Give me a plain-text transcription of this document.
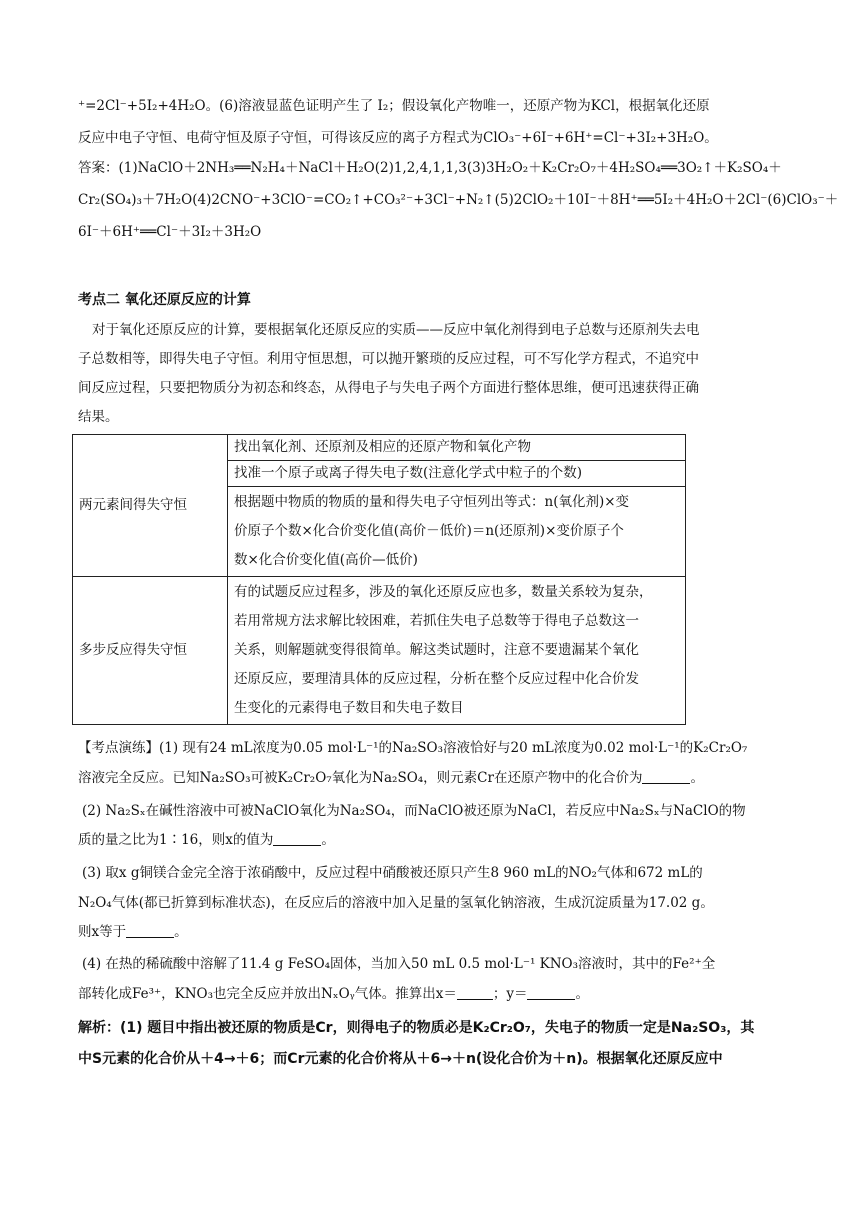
⁺=2Cl⁻+5I₂+4H₂O。(6)溶液显蓝色证明产生了 I₂；假设氧化产物唯一，还原产物为KCl，根据氧化还原
反应中电子守恒、电荷守恒及原子守恒，可得该反应的离子方程式为ClO₃⁻+6I⁻+6H⁺=Cl⁻+3I₂+3H₂O。
答案：(1)NaClO＋2NH₃══N₂H₄＋NaCl＋H₂O(2)1,2,4,1,1,3(3)3H₂O₂＋K₂Cr₂O₇＋4H₂SO₄══3O₂↑＋K₂SO₄＋
Cr₂(SO₄)₃＋7H₂O(4)2CNO⁻+3ClO⁻=CO₂↑+CO₃²⁻+3Cl⁻+N₂↑(5)2ClO₂＋10I⁻＋8H⁺══5I₂＋4H₂O＋2Cl⁻(6)ClO₃⁻＋
6I⁻＋6H⁺══Cl⁻＋3I₂＋3H₂O
考点二 氧化还原反应的计算
对于氧化还原反应的计算，要根据氧化还原反应的实质——反应中氧化剂得到电子总数与还原剂失去电
子总数相等，即得失电子守恒。利用守恒思想，可以抛开繁琐的反应过程，可不写化学方程式，不追究中
间反应过程，只要把物质分为初态和终态，从得电子与失电子两个方面进行整体思维，便可迅速获得正确
结果。
两元素间得失守恒	找出氧化剂、还原剂及相应的还原产物和氧化产物
	找准一个原子或离子得失电子数(注意化学式中粒子的个数)

	根据题中物质的物质的量和得失电子守恒列出等式：n(氧化剂)×变
价原子个数×化合价变化值(高价－低价)＝n(还原剂)×变价原子个
数×化合价变化值(高价—低价)

多步反应得失守恒	有的试题反应过程多，涉及的氧化还原反应也多，数量关系较为复杂，
若用常规方法求解比较困难，若抓住失电子总数等于得电子总数这一
关系，则解题就变得很简单。解这类试题时，注意不要遗漏某个氧化
还原反应，要理清具体的反应过程，分析在整个反应过程中化合价发
生变化的元素得电子数目和失电子数目
【考点演练】(1) 现有24 mL浓度为0.05 mol·L⁻¹的Na₂SO₃溶液恰好与20 mL浓度为0.02 mol·L⁻¹的K₂Cr₂O₇
溶液完全反应。已知Na₂SO₃可被K₂Cr₂O₇氧化为Na₂SO₄，则元素Cr在还原产物中的化合价为	。
(2) Na₂Sₓ在碱性溶液中可被NaClO氧化为Na₂SO₄，而NaClO被还原为NaCl，若反应中Na₂Sₓ与NaClO的物
质的量之比为1∶16，则x的值为	。
(3) 取x g铜镁合金完全溶于浓硝酸中，反应过程中硝酸被还原只产生8 960 mL的NO₂气体和672 mL的
N₂O₄气体(都已折算到标准状态)，在反应后的溶液中加入足量的氢氧化钠溶液，生成沉淀质量为17.02 g。
则x等于	。
(4) 在热的稀硫酸中溶解了11.4 g FeSO₄固体，当加入50 mL 0.5 mol·L⁻¹ KNO₃溶液时，其中的Fe²⁺全
部转化成Fe³⁺，KNO₃也完全反应并放出NₓOᵧ气体。推算出x＝	；y＝	。
解析：(1) 题目中指出被还原的物质是Cr，则得电子的物质必是K₂Cr₂O₇，失电子的物质一定是Na₂SO₃，其
中S元素的化合价从＋4→＋6；而Cr元素的化合价将从＋6→＋n(设化合价为＋n)。根据氧化还原反应中
